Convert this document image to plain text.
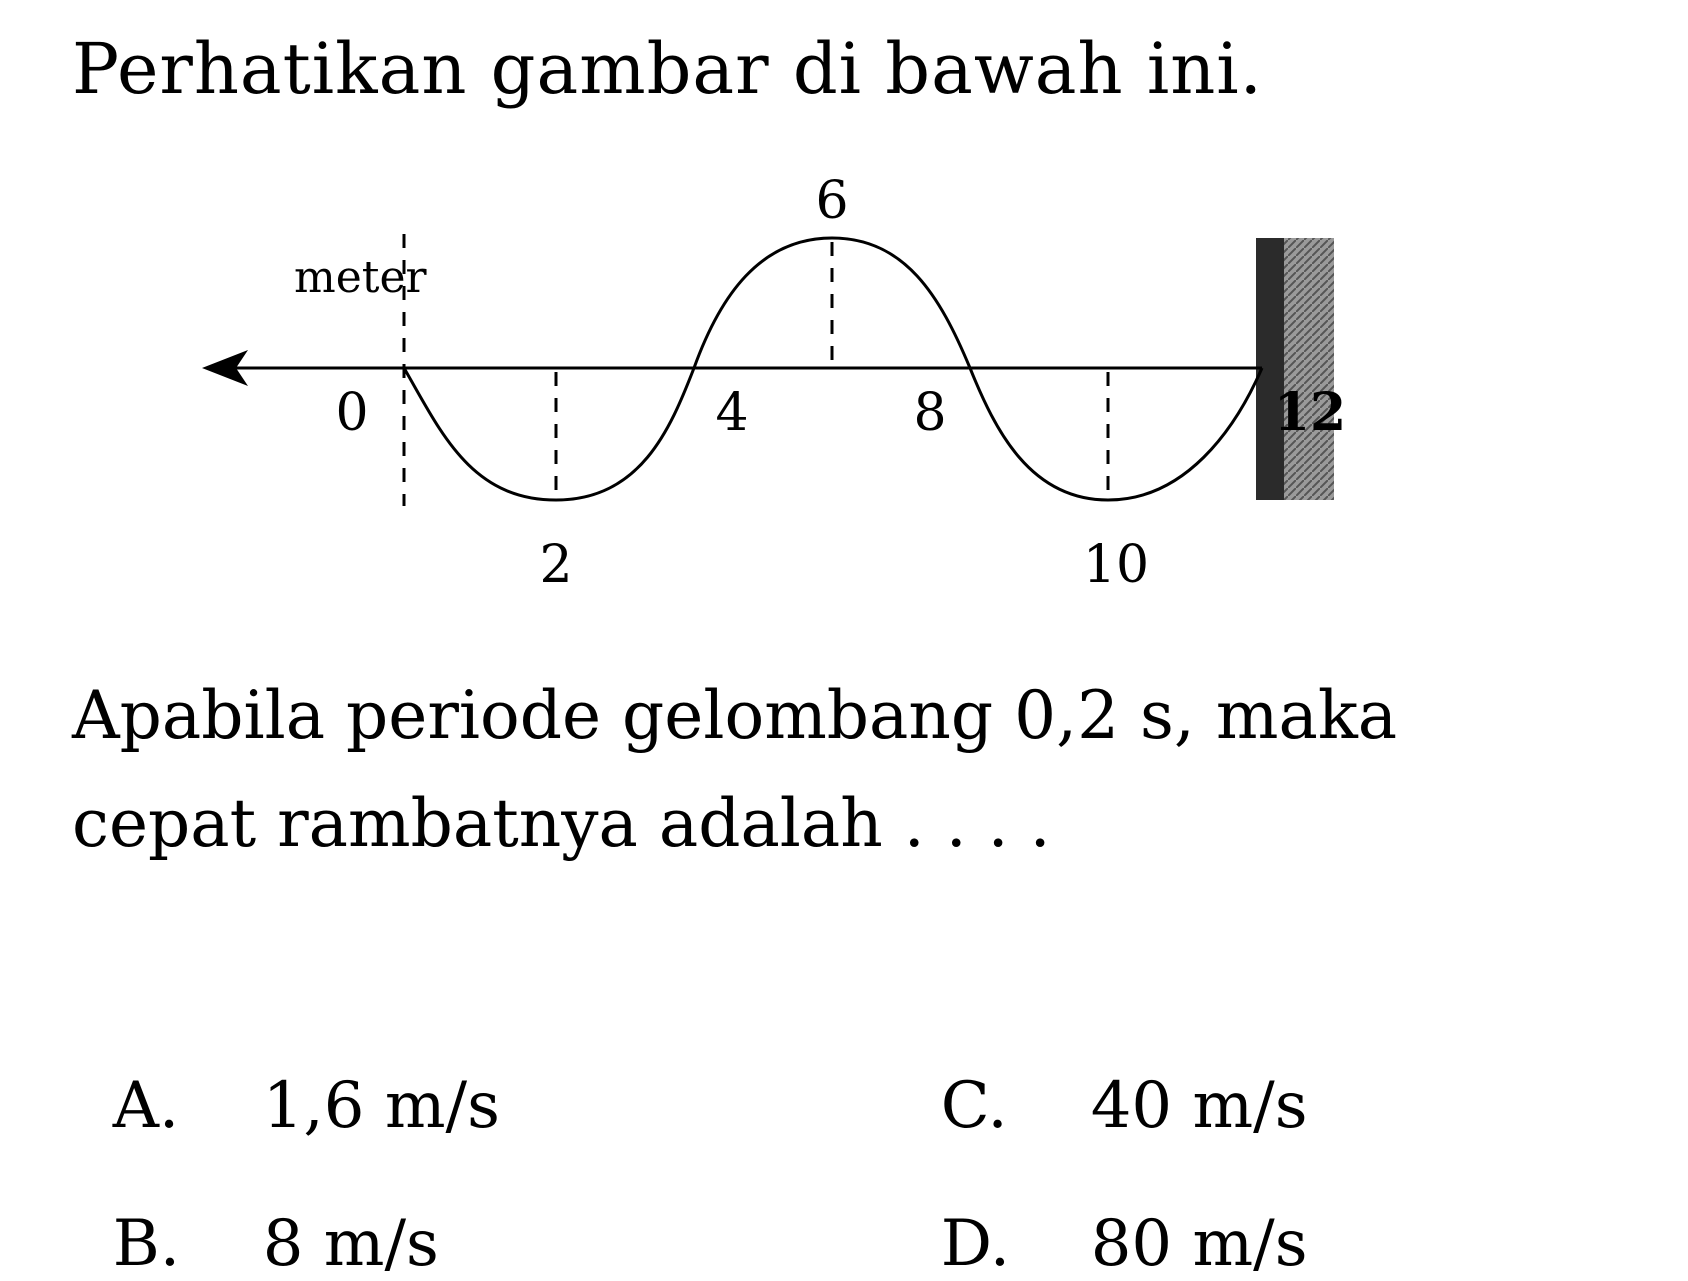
Perhatikan gambar di bawah ini.
meter
6
0	4	8	12
2	10
Apabila periode gelombang 0,2 s, maka
cepat rambatnya adalah . . . .

A. 1,6 m/s

B. 8 m/s

C. 40 m/s

D. 80 m/s
